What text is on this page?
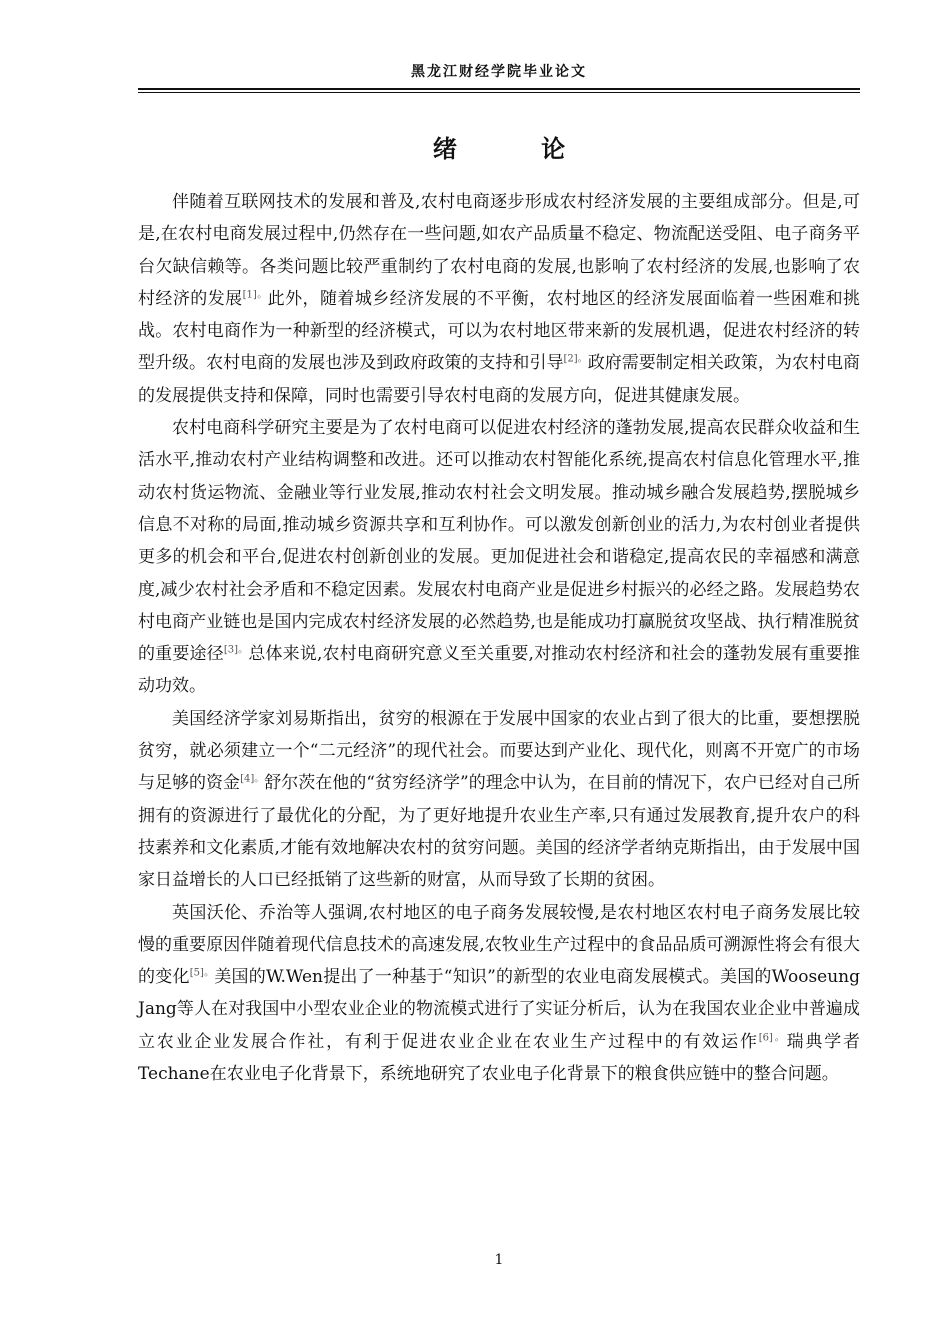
黑龙江财经学院毕业论文
绪 论

伴随着互联网技术的发展和普及,农村电商逐步形成农村经济发展的主要组成部分。但是,可是,在农村电商发展过程中,仍然存在一些问题,如农产品质量不稳定、物流配送受阻、电子商务平台欠缺信赖等。各类问题比较严重制约了农村电商的发展,也影响了农村经济的发展,也影响了农村经济的发展$^{[1]。}$此外，随着城乡经济发展的不平衡，农村地区的经济发展面临着一些困难和挑战。农村电商作为一种新型的经济模式，可以为农村地区带来新的发展机遇，促进农村经济的转型升级。农村电商的发展也涉及到政府政策的支持和引导$^{[2]。}$政府需要制定相关政策，为农村电商的发展提供支持和保障，同时也需要引导农村电商的发展方向，促进其健康发展。

农村电商科学研究主要是为了农村电商可以促进农村经济的蓬勃发展,提高农民群众收益和生活水平,推动农村产业结构调整和改进。还可以推动农村智能化系统,提高农村信息化管理水平,推动农村货运物流、金融业等行业发展,推动农村社会文明发展。推动城乡融合发展趋势,摆脱城乡信息不对称的局面,推动城乡资源共享和互利协作。可以激发创新创业的活力,为农村创业者提供更多的机会和平台,促进农村创新创业的发展。更加促进社会和谐稳定,提高农民的幸福感和满意度,减少农村社会矛盾和不稳定因素。发展农村电商产业是促进乡村振兴的必经之路。发展趋势农村电商产业链也是国内完成农村经济发展的必然趋势,也是能成功打赢脱贫攻坚战、执行精准脱贫的重要途径$^{[3]。}$总体来说,农村电商研究意义至关重要,对推动农村经济和社会的蓬勃发展有重要推动功效。

美国经济学家刘易斯指出，贫穷的根源在于发展中国家的农业占到了很大的比重，要想摆脱贫穷，就必须建立一个“二元经济”的现代社会。而要达到产业化、现代化，则离不开宽广的市场与足够的资金$^{[4]。}$舒尔茨在他的“贫穷经济学”的理念中认为，在目前的情况下，农户已经对自己所拥有的资源进行了最优化的分配，为了更好地提升农业生产率,只有通过发展教育,提升农户的科技素养和文化素质,才能有效地解决农村的贫穷问题。美国的经济学者纳克斯指出，由于发展中国家日益增长的人口已经抵销了这些新的财富，从而导致了长期的贫困。

英国沃伦、乔治等人强调,农村地区的电子商务发展较慢,是农村地区农村电子商务发展比较慢的重要原因伴随着现代信息技术的高速发展,农牧业生产过程中的食品品质可溯源性将会有很大的变化$^{[5]。}$美国的W.Wen提出了一种基于“知识”的新型的农业电商发展模式。美国的Wooseung Jang等人在对我国中小型农业企业的物流模式进行了实证分析后，认为在我国农业企业中普遍成立农业企业发展合作社，有利于促进农业企业在农业生产过程中的有效运作$^{[6]。}$瑞典学者Techane在农业电子化背景下，系统地研究了农业电子化背景下的粮食供应链中的整合问题。

1
